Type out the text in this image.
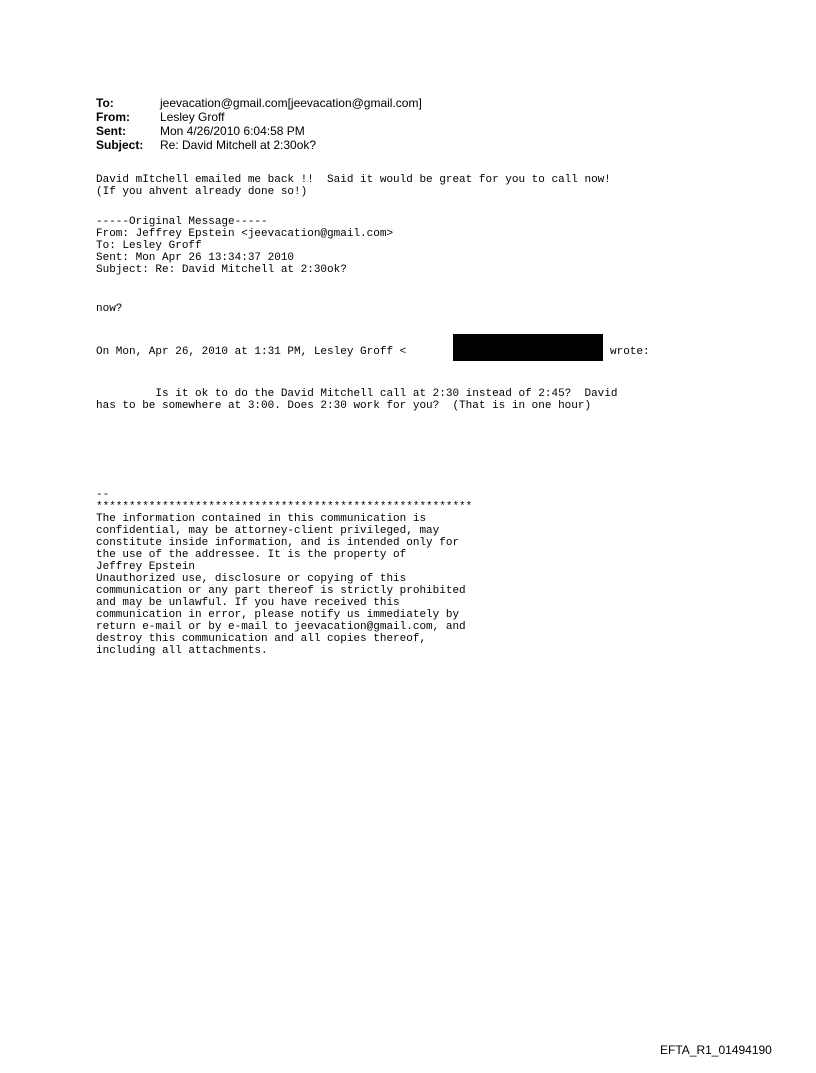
To:	jeevacation@gmail.com[jeevacation@gmail.com]
From:	Lesley Groff
Sent:	Mon 4/26/2010 6:04:58 PM
Subject:	Re: David Mitchell at 2:30ok?
David mItchell emailed me back !!  Said it would be great for you to call now!
(If you ahvent already done so!)
-----Original Message-----
From: Jeffrey Epstein <jeevacation@gmail.com>
To: Lesley Groff
Sent: Mon Apr 26 13:34:37 2010
Subject: Re: David Mitchell at 2:30ok?
now?
On Mon, Apr 26, 2010 at 1:31 PM, Lesley Groff <	wrote:
Is it ok to do the David Mitchell call at 2:30 instead of 2:45?  David
has to be somewhere at 3:00. Does 2:30 work for you?  (That is in one hour)
--
*********************************************************
The information contained in this communication is
confidential, may be attorney-client privileged, may
constitute inside information, and is intended only for
the use of the addressee. It is the property of
Jeffrey Epstein
Unauthorized use, disclosure or copying of this
communication or any part thereof is strictly prohibited
and may be unlawful. If you have received this
communication in error, please notify us immediately by
return e-mail or by e-mail to jeevacation@gmail.com, and
destroy this communication and all copies thereof,
including all attachments.
EFTA_R1_01494190
